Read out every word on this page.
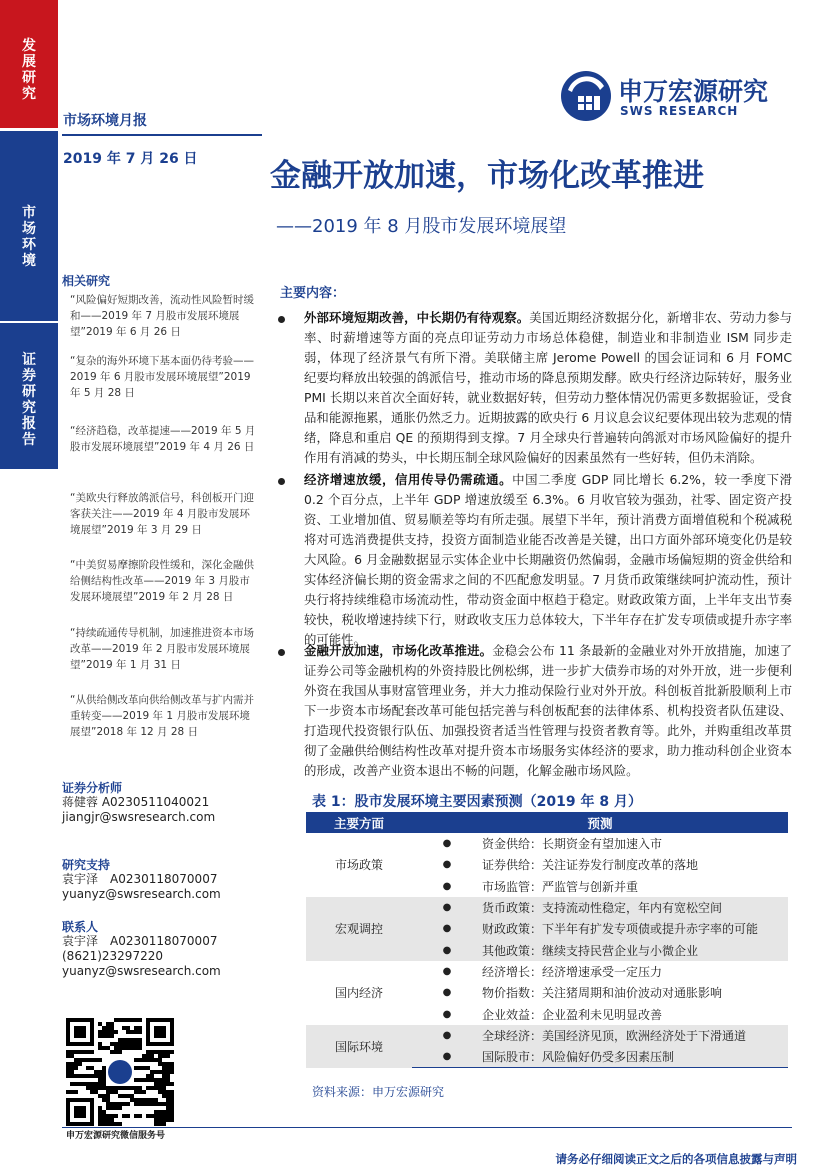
发
展
研
究
市
场
环
境
证
券
研
究
报
告
申万宏源研究
SWS RESEARCH
市场环境月报
2019 年 7 月 26 日 金融开放加速，市场化改革推进
——2019 年 8 月股市发展环境展望
相关研究
“风险偏好短期改善，流动性风险暂时缓和——2019 年 7 月股市发展环境展望”2019 年 6 月 26 日
“复杂的海外环境下基本面仍待考验——2019 年 6 月股市发展环境展望”2019 年 5 月 28 日
“经济趋稳，改革提速——2019 年 5 月股市发展环境展望”2019 年 4 月 26 日
“美欧央行释放鸽派信号，科创板开门迎客获关注——2019 年 4 月股市发展环境展望”2019 年 3 月 29 日
“中美贸易摩擦阶段性缓和，深化金融供给侧结构性改革——2019 年 3 月股市发展环境展望”2019 年 2 月 28 日
“持续疏通传导机制，加速推进资本市场改革——2019 年 2 月股市发展环境展望”2019 年 1 月 31 日
“从供给侧改革向供给侧改革与扩内需并重转变——2019 年 1 月股市发展环境展望”2018 年 12 月 28 日
证券分析师
蒋健蓉 A0230511040021
jiangjr@swsresearch.com
研究支持
袁宇泽　A0230118070007
yuanyz@swsresearch.com
联系人
袁宇泽　A0230118070007
(8621)23297220
yuanyz@swsresearch.com
申万宏源研究微信服务号
主要内容：
外部环境短期改善，中长期仍有待观察。美国近期经济数据分化，新增非农、劳动力参与率、时薪增速等方面的亮点印证劳动力市场总体稳健，制造业和非制造业 ISM 同步走弱，体现了经济景气有所下滑。美联储主席 Jerome Powell 的国会证词和 6 月 FOMC 纪要均释放出较强的鸽派信号，推动市场的降息预期发酵。欧央行经济边际转好，服务业 PMI 长期以来首次全面好转，就业数据好转，但劳动力整体情况仍需更多数据验证，受食品和能源拖累，通胀仍然乏力。近期披露的欧央行 6 月议息会议纪要体现出较为悲观的情绪，降息和重启 QE 的预期得到支撑。7 月全球央行普遍转向鸽派对市场风险偏好的提升作用有消减的势头，中长期压制全球风险偏好的因素虽然有一些好转，但仍未消除。
经济增速放缓，信用传导仍需疏通。中国二季度 GDP 同比增长 6.2%，较一季度下滑 0.2 个百分点，上半年 GDP 增速放缓至 6.3%。6 月收官较为强劲，社零、固定资产投资、工业增加值、贸易顺差等均有所走强。展望下半年，预计消费方面增值税和个税减税将对可选消费提供支持，投资方面制造业能否改善是关键，出口方面外部环境变化仍是较大风险。6 月金融数据显示实体企业中长期融资仍然偏弱，金融市场偏短期的资金供给和实体经济偏长期的资金需求之间的不匹配愈发明显。7 月货币政策继续呵护流动性，预计央行将持续维稳市场流动性，带动资金面中枢趋于稳定。财政政策方面，上半年支出节奏较快，税收增速持续下行，财政收支压力总体较大，下半年存在扩发专项债或提升赤字率的可能性。
金融开放加速，市场化改革推进。金稳会公布 11 条最新的金融业对外开放措施，加速了证券公司等金融机构的外资持股比例松绑，进一步扩大债券市场的对外开放，进一步便利外资在我国从事财富管理业务，并大力推动保险行业对外开放。科创板首批新股顺利上市下一步资本市场配套改革可能包括完善与科创板配套的法律体系、机构投资者队伍建设、打造现代投资银行队伍、加强投资者适当性管理与投资者教育等。此外，并购重组改革贯彻了金融供给侧结构性改革对提升资本市场服务实体经济的要求，助力推动科创企业资本的形成，改善产业资本退出不畅的问题，化解金融市场风险。
表 1：股市发展环境主要因素预测（2019 年 8 月）
主要方面	预测	
市场政策	●	资金供给：长期资金有望加速入市
	●	证券供给：关注证券发行制度改革的落地
	●	市场监管：严监管与创新并重
宏观调控	●	货币政策：支持流动性稳定，年内有宽松空间
	●	财政政策：下半年有扩发专项债或提升赤字率的可能
	●	其他政策：继续支持民营企业与小微企业
国内经济	●	经济增长：经济增速承受一定压力
	●	物价指数：关注猪周期和油价波动对通胀影响
	●	企业效益：企业盈利未见明显改善
国际环境	●	全球经济：美国经济见顶，欧洲经济处于下滑通道
	●	国际股市：风险偏好仍受多因素压制
资料来源：申万宏源研究
请务必仔细阅读正文之后的各项信息披露与声明
